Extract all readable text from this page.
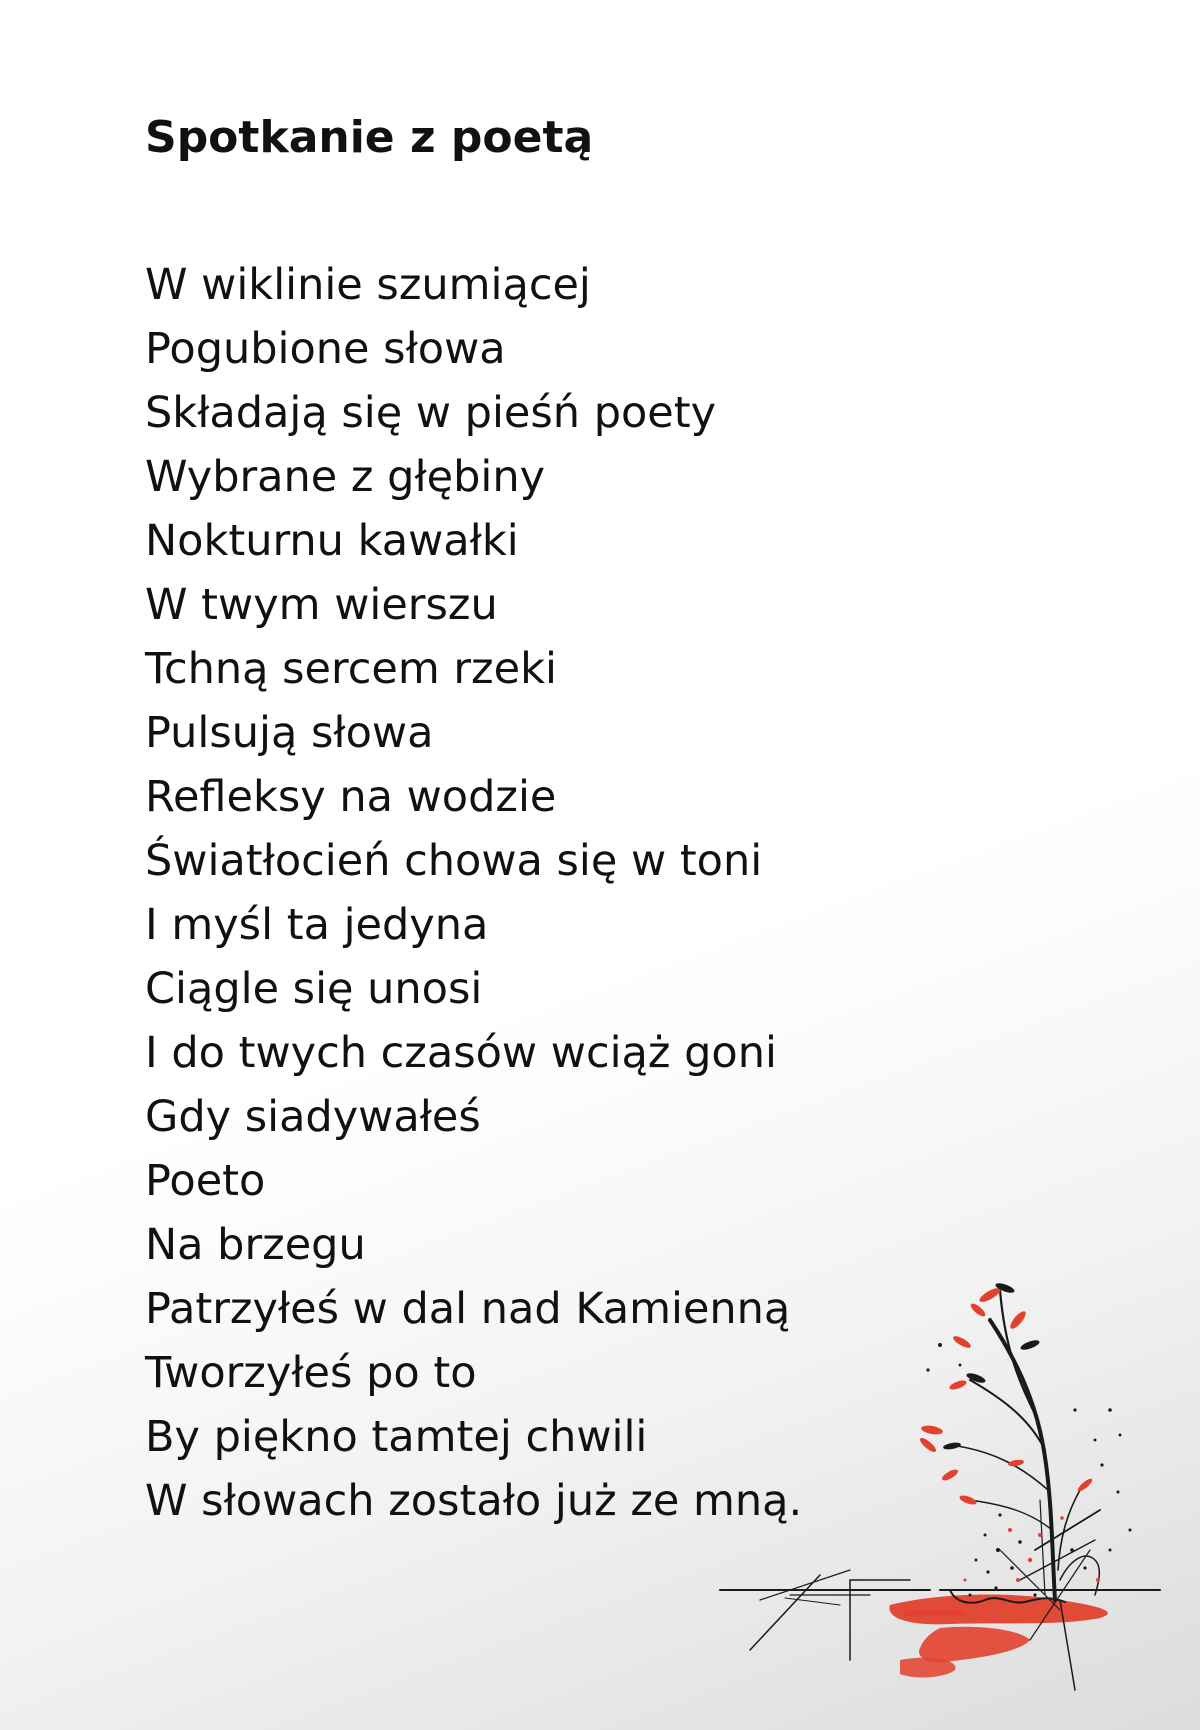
Spotkanie z poetą
W wiklinie szumiącej
Pogubione słowa
Składają się w pieśń poety
Wybrane z głębiny
Nokturnu kawałki
W twym wierszu
Tchną sercem rzeki
Pulsują słowa
Refleksy na wodzie
Światłocień chowa się w toni
I myśl ta jedyna
Ciągle się unosi
I do twych czasów wciąż goni
Gdy siadywałeś
Poeto
Na brzegu
Patrzyłeś w dal nad Kamienną
Tworzyłeś po to
By piękno tamtej chwili
W słowach zostało już ze mną.
